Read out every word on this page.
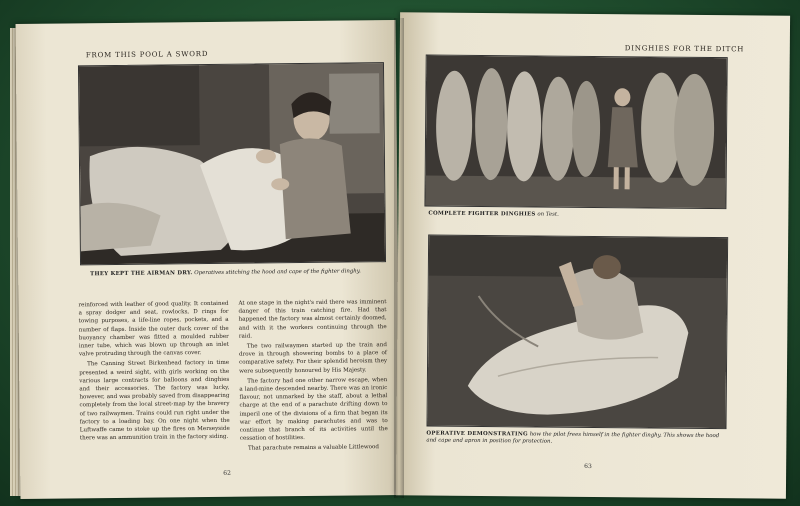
FROM THIS POOL A SWORD
THEY KEPT THE AIRMAN DRY. Operatives stitching the hood and cape of the fighter dinghy.

reinforced with leather of good quality. It contained a spray dodger and seat, rowlocks, D rings for towing purposes, a life-line ropes, pockets, and a number of flaps. Inside the outer duck cover of the buoyancy chamber was fitted a moulded rubber inner tube, which was blown up through an inlet valve protruding through the canvas cover.

The Canning Street Birkenhead factory in time presented a weird sight, with girls working on the various large contracts for balloons and dinghies and their accessories. The factory was lucky, however, and was probably saved from disappearing completely from the local street-map by the bravery of two railwaymen. Trains could run right under the factory to a loading bay. On one night when the Luftwaffe came to stoke up the fires on Merseyside there was an ammunition train in the factory siding.

At one stage in the night's raid there was imminent danger of this train catching fire. Had that happened the factory was almost certainly doomed, and with it the workers continuing through the raid.

The two railwaymen started up the train and drove in through showering bombs to a place of comparative safety. For their splendid heroism they were subsequently honoured by His Majesty.

The factory had one other narrow escape, when a land-mine descended nearby. There was an ironic flavour, not unmarked by the staff, about a lethal charge at the end of a parachute drifting down to imperil one of the divisions of a firm that began its war effort by making parachutes and was to continue that branch of its activities until the cessation of hostilities.

That parachute remains a valuable Littlewood

62
DINGHIES FOR THE DITCH
COMPLETE FIGHTER DINGHIES on Test.
OPERATIVE DEMONSTRATING how the pilot frees himself in the fighter dinghy. This shows the hood and cape and apron in position for protection.
63
